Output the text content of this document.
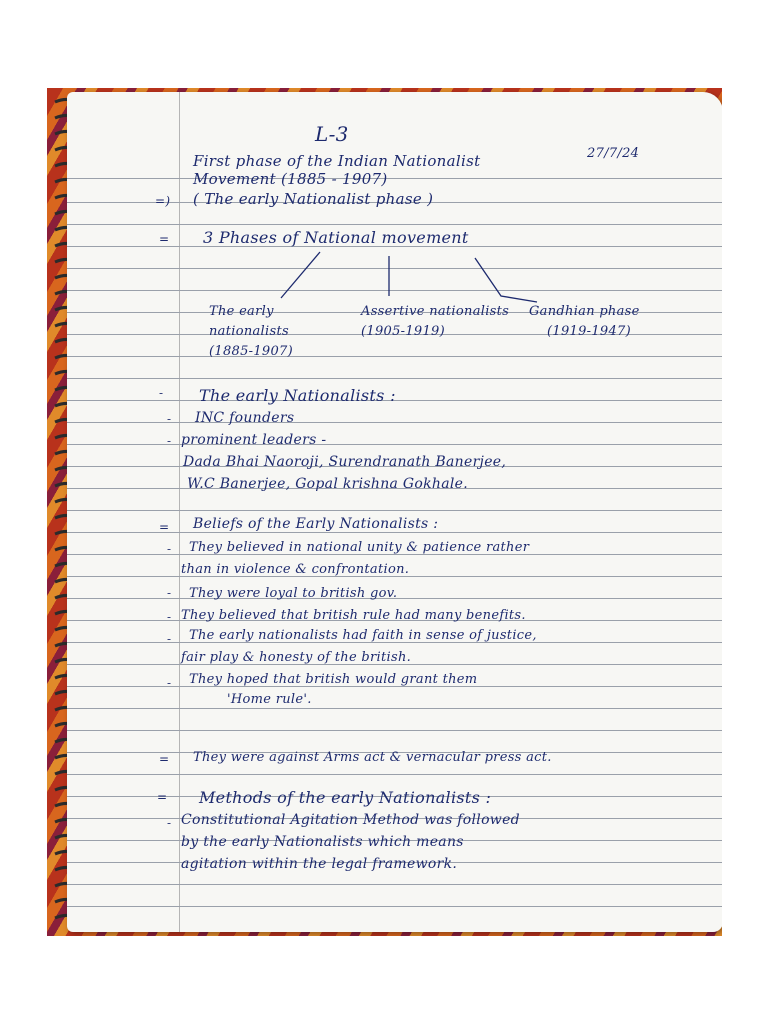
L-3
27/7/24
First phase of the Indian Nationalist
Movement (1885 - 1907)
( The early Nationalist phase )
3 Phases of National movement
The early
nationalists
(1885-1907)
Assertive nationalists
(1905-1919)
Gandhian phase
(1919-1947)
The early Nationalists :
INC founders
prominent leaders -
Dada Bhai Naoroji, Surendranath Banerjee,
W.C Banerjee, Gopal krishna Gokhale.
Beliefs of the Early Nationalists :
They believed in national unity & patience rather
than in violence & confrontation.
They were loyal to british gov.
They believed that british rule had many benefits.
The early nationalists had faith in sense of justice,
fair play & honesty of the british.
They hoped that british would grant them
'Home rule'.
They were against Arms act & vernacular press act.
Methods of the early Nationalists :
Constitutional Agitation Method was followed
by the early Nationalists which means
agitation within the legal framework.
=)
=
-
-
-
=
-
-
-
-
-
=
=
-
